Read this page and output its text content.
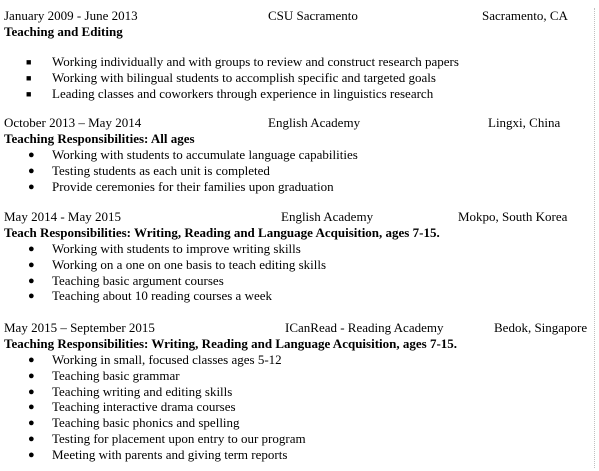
January 2009 - June 2013	CSU Sacramento	Sacramento, CA
Teaching and Editing
■ Working individually and with groups to review and construct research papers
■ Working with bilingual students to accomplish specific and targeted goals
■ Leading classes and coworkers through experience in linguistics research
October 2013 – May 2014	English Academy	Lingxi, China
Teaching Responsibilities: All ages
● Working with students to accumulate language capabilities
● Testing students as each unit is completed
● Provide ceremonies for their families upon graduation
May 2014 - May 2015	English Academy	Mokpo, South Korea
Teach Responsibilities: Writing, Reading and Language Acquisition, ages 7-15.
● Working with students to improve writing skills
● Working on a one on one basis to teach editing skills
● Teaching basic argument courses
● Teaching about 10 reading courses a week
May 2015 – September 2015	ICanRead - Reading Academy	Bedok, Singapore
Teaching Responsibilities: Writing, Reading and Language Acquisition, ages 7-15.
● Working in small, focused classes ages 5-12
● Teaching basic grammar
● Teaching writing and editing skills
● Teaching interactive drama courses
● Teaching basic phonics and spelling
● Testing for placement upon entry to our program
● Meeting with parents and giving term reports
